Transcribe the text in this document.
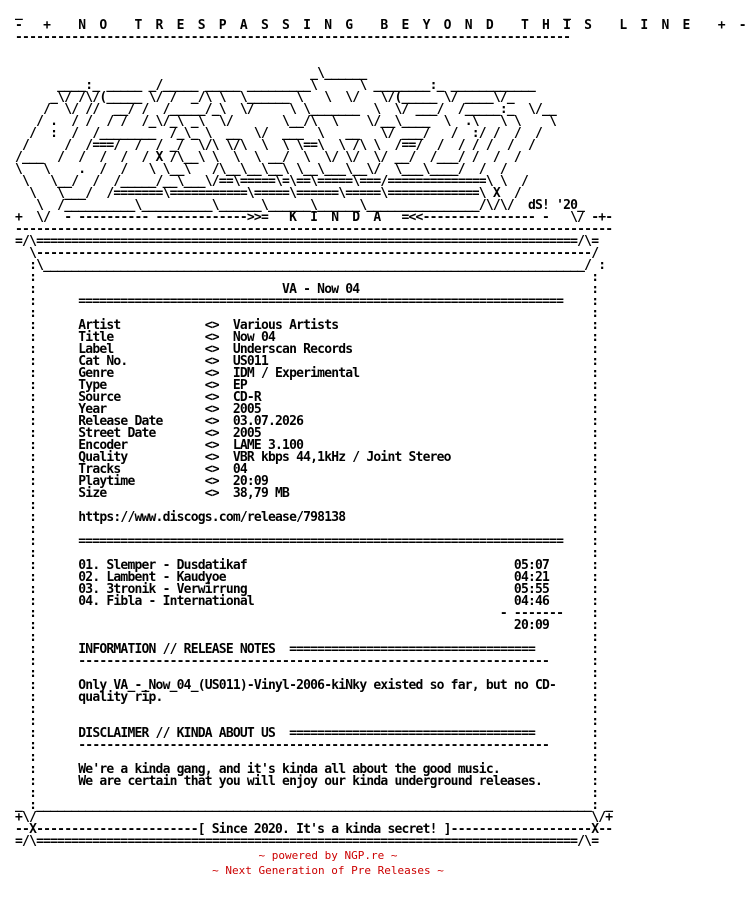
_                                                                             _
-   +    N  O    T  R  E  S  P  A  S  S  I  N  G    B  E  Y  O  N  D    T  H  I  S    L  I  N  E    +  -
-------------------------------------------------------------------------------

_\______
____:_ _____ _/_____ _____ _________\      \ ________:_ ____________
_\/ /\/(_____ \/ /  _/\ \  \______ \   \  \/   \/(_____ \/ ____\/_
/  \/ //  __/ /  /_____/_\  \/     \ \_______  \  \/ ___/  /_____:_  \/__
/ .  / /  / /  /_\/_\ _\  \/       \__/\  \    \/__\____  \  .\   \ \    \
/  :  /  /________  /_\_ \  __  \/  ___  \   __   \/ ___/   /  :/ /  /  /
/     /  /===/  /  / _/  \/\ \/\  \  \ \==\  \ /\ \  /==/  /  / / /  /  /
/___  /  /  /  /  / X /\__\ \  \  \ __/  \  \/ \/  \/ __/  /___/ /  /  /
\   \    .  /  /   \ \__\   /\__\__\__\ \__\___\__\/  \___\____/  /  /
\   \__/  /  /_____/__\___\/==\=====\=\==\=====\===/==============\ \  /
\   \___/  /=======\===========\=====\======\=====\=============\ X  /
\  /__________\__________\______\______\______\________________/\/\/  dS! '20_
+  \/  - ---------- ------------->>=   K  I  N  D  A   =<<---------------- -   \/ -+-
-------------------------------------------------------------------------------------
=/\=============================================================================/\=
\-------------------------------------------------------------------------------/
:\_____________________________________________________________________________/ :
:                                                                               :
:                                   VA - Now 04                                 :
:      =====================================================================    :
:                                                                               :
:      Artist            <>  Various Artists                                    :
:      Title             <>  Now 04                                             :
:      Label             <>  Underscan Records                                  :
:      Cat No.           <>  US011                                              :
:      Genre             <>  IDM / Experimental                                 :
:      Type              <>  EP                                                 :
:      Source            <>  CD-R                                               :
:      Year              <>  2005                                               :
:      Release Date      <>  03.07.2026                                         :
:      Street Date       <>  2005                                               :
:      Encoder           <>  LAME 3.100                                         :
:      Quality           <>  VBR kbps 44,1kHz / Joint Stereo                    :
:      Tracks            <>  04                                                 :
:      Playtime          <>  20:09                                              :
:      Size              <>  38,79 MB                                           :
:                                                                               :
:      https://www.discogs.com/release/798138                                   :
:                                                                               :
:      =====================================================================    :
:                                                                               :
:      01. Slemper - Dusdatikaf                                      05:07      :
:      02. Lambent - Kaudyoe                                         04:21      :
:      03. 3tronik - Verwirrung                                      05:55      :
:      04. Fibla - International                                     04:46      :
:                                                                  - -------    :
:                                                                    20:09      :
:                                                                               :
:      INFORMATION // RELEASE NOTES  ===================================        :
:      -------------------------------------------------------------------      :
:                                                                               :
:      Only VA_-_Now_04_(US011)-Vinyl-2006-kiNky existed so far, but no CD-     :
:      quality rip.                                                             :
:                                                                               :
:                                                                               :
:      DISCLAIMER // KINDA ABOUT US  ===================================        :
:      -------------------------------------------------------------------      :
:                                                                               :
:      We're a kinda gang, and it's kinda all about the good music.             :
:      We are certain that you will enjoy our kinda underground releases.       :
:                                                                               :
_ :_______________________________________________________________________________: _
+\/                                                                               \/+
--X-----------------------[ Since 2020. It's a kinda secret! ]--------------------X--
=/\=============================================================================/\=

~ powered by NGP.re ~
~ Next Generation of Pre Releases ~
